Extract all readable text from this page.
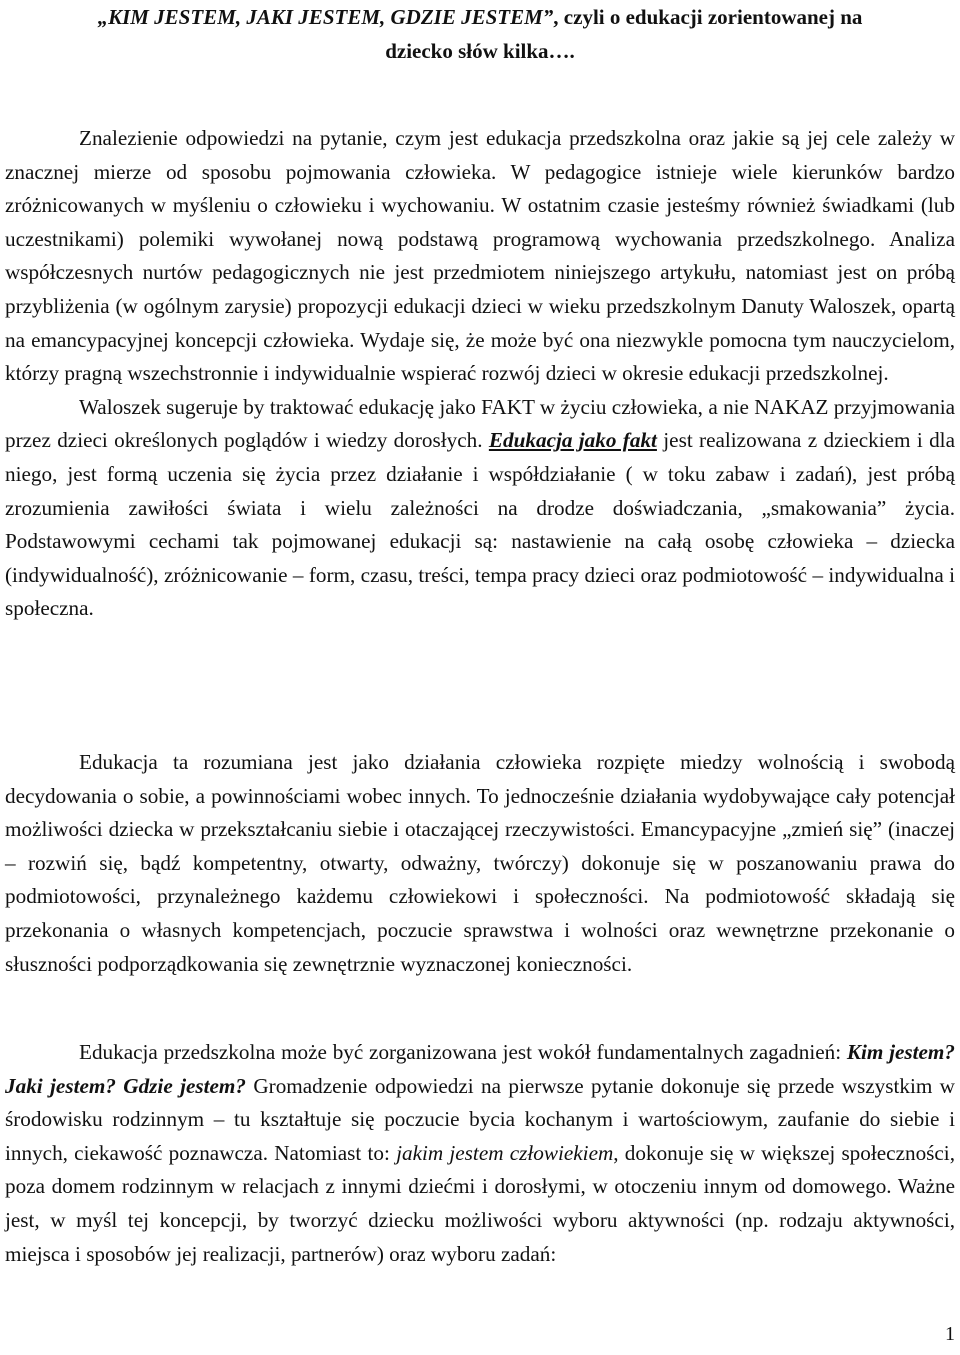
„KIM JESTEM, JAKI JESTEM, GDZIE JESTEM”, czyli o edukacji zorientowanej na
dziecko słów kilka….

Znalezienie odpowiedzi na pytanie, czym jest edukacja przedszkolna oraz jakie są jej cele zależy w znacznej mierze od sposobu pojmowania człowieka. W pedagogice istnieje wiele kierunków bardzo zróżnicowanych w myśleniu o człowieku i wychowaniu. W ostatnim czasie jesteśmy również świadkami (lub uczestnikami) polemiki wywołanej nową podstawą programową wychowania przedszkolnego. Analiza współczesnych nurtów pedagogicznych nie jest przedmiotem niniejszego artykułu, natomiast jest on próbą przybliżenia (w ogólnym zarysie) propozycji edukacji dzieci w wieku przedszkolnym Danuty Waloszek, opartą na emancypacyjnej koncepcji człowieka. Wydaje się, że może być ona niezwykle pomocna tym nauczycielom, którzy pragną wszechstronnie i indywidualnie wspierać rozwój dzieci w okresie edukacji przedszkolnej.

Waloszek sugeruje by traktować edukację jako FAKT w życiu człowieka, a nie NAKAZ przyjmowania przez dzieci określonych poglądów i wiedzy dorosłych. Edukacja jako fakt jest realizowana z dzieckiem i dla niego, jest formą uczenia się życia przez działanie i współdziałanie ( w toku zabaw i zadań), jest próbą zrozumienia zawiłości świata i wielu zależności na drodze doświadczania, „smakowania” życia. Podstawowymi cechami tak pojmowanej edukacji są: nastawienie na całą osobę człowieka – dziecka (indywidualność), zróżnicowanie – form, czasu, treści, tempa pracy dzieci oraz podmiotowość – indywidualna i społeczna.

Edukacja ta rozumiana jest jako działania człowieka rozpięte miedzy wolnością i swobodą decydowania o sobie, a powinnościami wobec innych. To jednocześnie działania wydobywające cały potencjał możliwości dziecka w przekształcaniu siebie i otaczającej rzeczywistości. Emancypacyjne „zmień się” (inaczej – rozwiń się, bądź kompetentny, otwarty, odważny, twórczy) dokonuje się w poszanowaniu prawa do podmiotowości, przynależnego każdemu człowiekowi i społeczności. Na podmiotowość składają się przekonania o własnych kompetencjach, poczucie sprawstwa i wolności oraz wewnętrzne przekonanie o słuszności podporządkowania się zewnętrznie wyznaczonej konieczności.

Edukacja przedszkolna może być zorganizowana jest wokół fundamentalnych zagadnień: Kim jestem? Jaki jestem? Gdzie jestem? Gromadzenie odpowiedzi na pierwsze pytanie dokonuje się przede wszystkim w środowisku rodzinnym – tu kształtuje się poczucie bycia kochanym i wartościowym, zaufanie do siebie i innych, ciekawość poznawcza. Natomiast to: jakim jestem człowiekiem, dokonuje się w większej społeczności, poza domem rodzinnym w relacjach z innymi dziećmi i dorosłymi, w otoczeniu innym od domowego. Ważne jest, w myśl tej koncepcji, by tworzyć dziecku możliwości wyboru aktywności (np. rodzaju aktywności, miejsca i sposobów jej realizacji, partnerów) oraz wyboru zadań:

1
